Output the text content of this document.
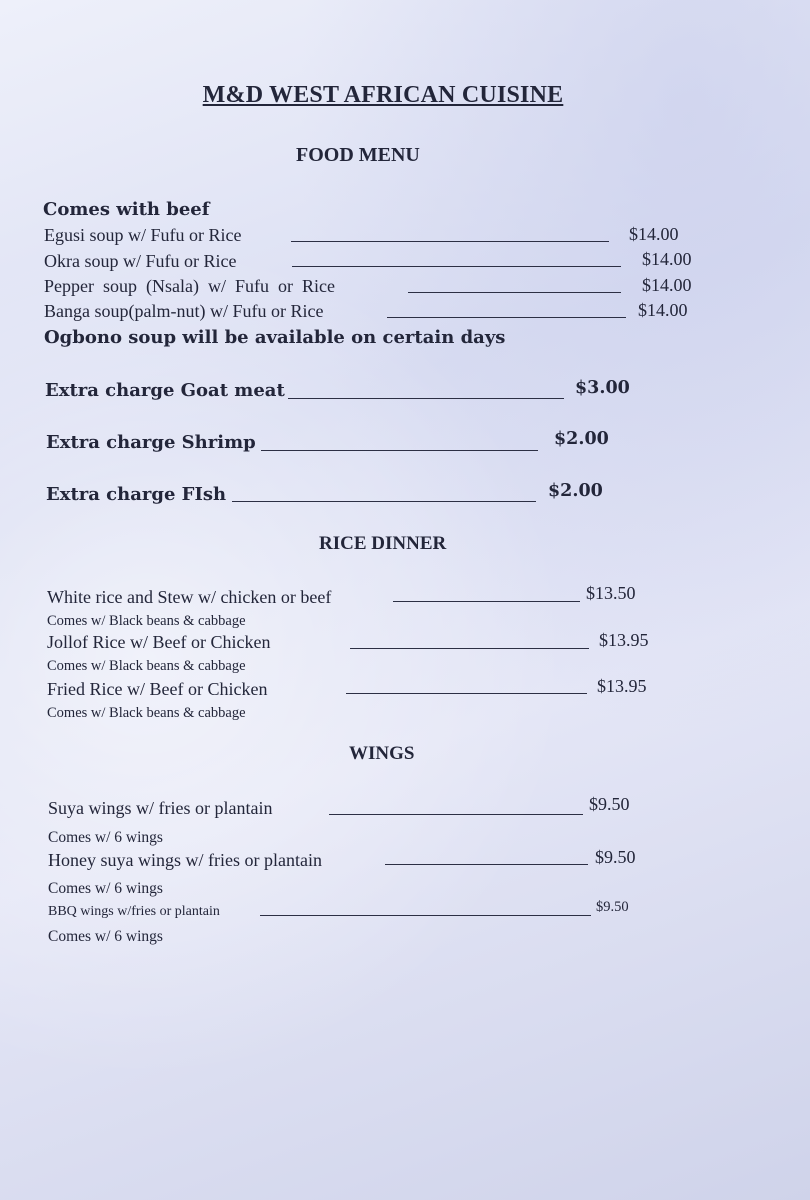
M&D WEST AFRICAN CUISINE
FOOD MENU
Comes with beef
Egusi soup w/ Fufu or Rice	$14.00
Okra soup w/ Fufu or Rice	$14.00
Pepper  soup  (Nsala)  w/  Fufu  or  Rice	$14.00
Banga soup(palm-nut) w/ Fufu or Rice	$14.00
Ogbono soup will be available on certain days
Extra charge Goat meat	$3.00
Extra charge Shrimp	$2.00
Extra charge FIsh	$2.00
RICE DINNER
White rice and Stew w/ chicken or beef	$13.50
Comes w/ Black beans & cabbage
Jollof Rice w/ Beef or Chicken	$13.95
Comes w/ Black beans & cabbage
Fried Rice w/ Beef or Chicken	$13.95
Comes w/ Black beans & cabbage
WINGS
Suya wings w/ fries or plantain	$9.50
Comes w/ 6 wings
Honey suya wings w/ fries or plantain	$9.50
Comes w/ 6 wings
BBQ wings w/fries or plantain	$9.50
Comes w/ 6 wings
